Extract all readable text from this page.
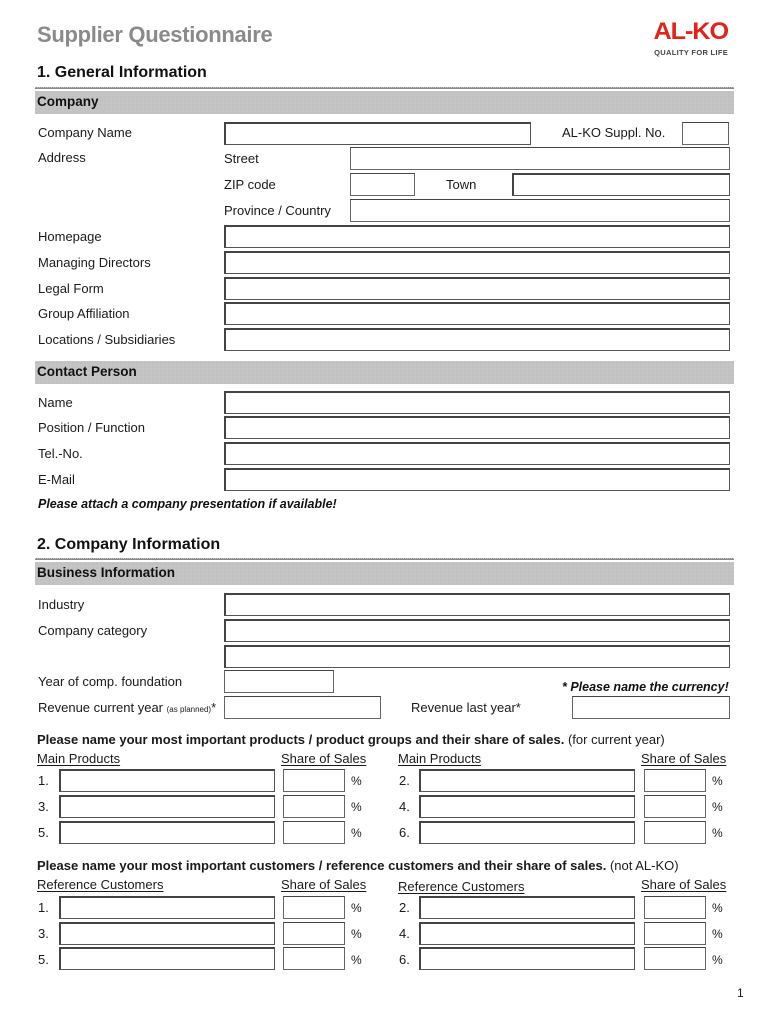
Supplier Questionnaire	AL-KO
QUALITY FOR LIFE
1. General Information
Company
Company Name	AL-KO Suppl. No.
Address	Street
ZIP code	Town
Province / Country
Homepage
Managing Directors
Legal Form
Group Affiliation
Locations / Subsidiaries
Contact Person
Name
Position / Function
Tel.-No.
E-Mail
Please attach a company presentation if available!
2. Company Information
Business Information
Industry
Company category
Year of comp. foundation	* Please name the currency!
Revenue current year (as planned)*	Revenue last year*
Please name your most important products / product groups and their share of sales. (for current year)
Main Products	Share of Sales Main Products	Share of Sales
1.	%	2.	%
3.	%	4.	%
5.	%	6.	%
Please name your most important customers / reference customers and their share of sales. (not AL-KO)
Reference Customers	Share of Sales Reference Customers	Share of Sales
1.	%	2.	%
3.	%	4.	%
5.	%	6.	%
1
